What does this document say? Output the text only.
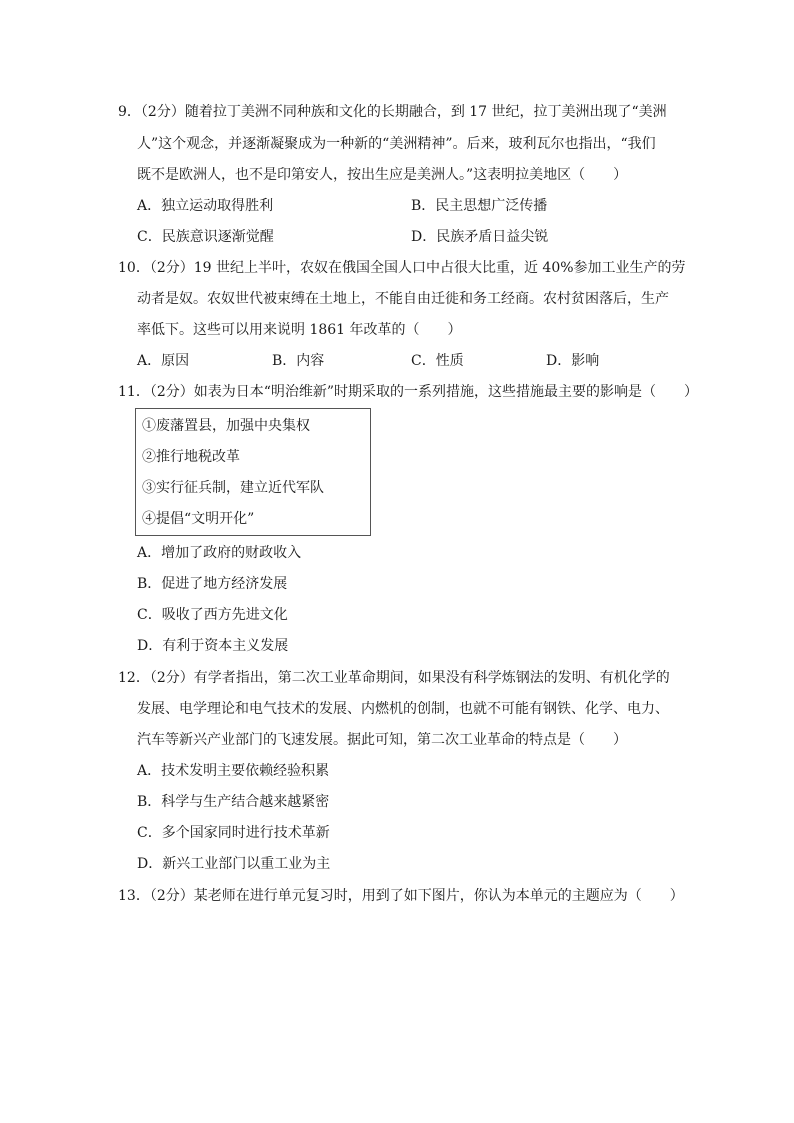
9．（2分）随着拉丁美洲不同种族和文化的长期融合，到 17 世纪，拉丁美洲出现了“美洲
人”这个观念，并逐渐凝聚成为一种新的“美洲精神”。后来，玻利瓦尔也指出，“我们
既不是欧洲人，也不是印第安人，按出生应是美洲人。”这表明拉美地区（　　）
A．独立运动取得胜利	B．民主思想广泛传播
C．民族意识逐渐觉醒	D．民族矛盾日益尖锐
10．（2分）19 世纪上半叶，农奴在俄国全国人口中占很大比重，近 40%参加工业生产的劳
动者是奴。农奴世代被束缚在土地上，不能自由迁徙和务工经商。农村贫困落后，生产
率低下。这些可以用来说明 1861 年改革的（　　）
A．原因	B．内容	C．性质	D．影响
11．（2分）如表为日本“明治维新”时期采取的一系列措施，这些措施最主要的影响是（　　）
①废藩置县，加强中央集权
②推行地税改革
③实行征兵制，建立近代军队
④提倡“文明开化”
A．增加了政府的财政收入
B．促进了地方经济发展
C．吸收了西方先进文化
D．有利于资本主义发展
12．（2分）有学者指出，第二次工业革命期间，如果没有科学炼钢法的发明、有机化学的
发展、电学理论和电气技术的发展、内燃机的创制，也就不可能有钢铁、化学、电力、
汽车等新兴产业部门的飞速发展。据此可知，第二次工业革命的特点是（　　）
A．技术发明主要依赖经验积累
B．科学与生产结合越来越紧密
C．多个国家同时进行技术革新
D．新兴工业部门以重工业为主
13．（2分）某老师在进行单元复习时，用到了如下图片，你认为本单元的主题应为（　　）
